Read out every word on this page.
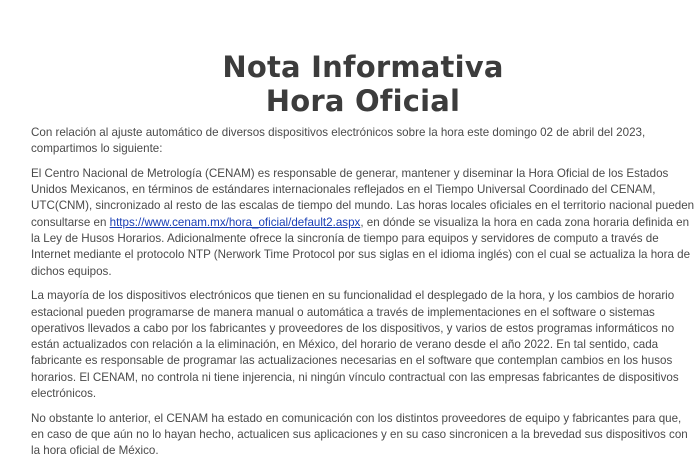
Nota Informativa
Hora Oficial

Con relación al ajuste automático de diversos dispositivos electrónicos sobre la hora este domingo 02 de abril del 2023, compartimos lo siguiente:

El Centro Nacional de Metrología (CENAM) es responsable de generar, mantener y diseminar la Hora Oficial de los Estados Unidos Mexicanos, en términos de estándares internacionales reflejados en el Tiempo Universal Coordinado del CENAM, UTC(CNM), sincronizado al resto de las escalas de tiempo del mundo. Las horas locales oficiales en el territorio nacional pueden consultarse en https://www.cenam.mx/hora_oficial/default2.aspx, en dónde se visualiza la hora en cada zona horaria definida en la Ley de Husos Horarios. Adicionalmente ofrece la sincronía de tiempo para equipos y servidores de computo a través de Internet mediante el protocolo NTP (Nerwork Time Protocol por sus siglas en el idioma inglés) con el cual se actualiza la hora de dichos equipos.

La mayoría de los dispositivos electrónicos que tienen en su funcionalidad el desplegado de la hora, y los cambios de horario estacional pueden programarse de manera manual o automática a través de implementaciones en el software o sistemas operativos llevados a cabo por los fabricantes y proveedores de los dispositivos, y varios de estos programas informáticos no están actualizados con relación a la eliminación, en México, del horario de verano desde el año 2022. En tal sentido, cada fabricante es responsable de programar las actualizaciones necesarias en el software que contemplan cambios en los husos horarios. El CENAM, no controla ni tiene injerencia, ni ningún vínculo contractual con las empresas fabricantes de dispositivos electrónicos.

No obstante lo anterior, el CENAM ha estado en comunicación con los distintos proveedores de equipo y fabricantes para que, en caso de que aún no lo hayan hecho, actualicen sus aplicaciones y en su caso sincronicen a la brevedad sus dispositivos con la hora oficial de México.
